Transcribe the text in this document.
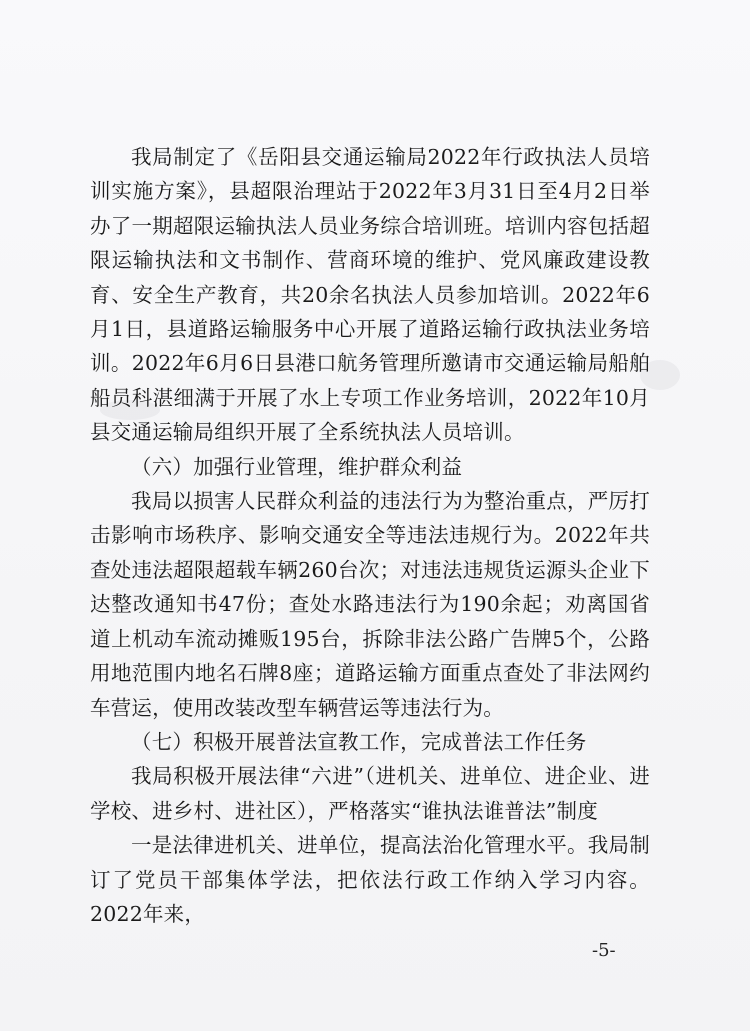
我局制定了《岳阳县交通运输局2022年行政执法人员培训实施方案》，县超限治理站于2022年3月31日至4月2日举办了一期超限运输执法人员业务综合培训班。培训内容包括超限运输执法和文书制作、营商环境的维护、党风廉政建设教育、安全生产教育，共20余名执法人员参加培训。2022年6月1日，县道路运输服务中心开展了道路运输行政执法业务培训。2022年6月6日县港口航务管理所邀请市交通运输局船舶船员科湛细满于开展了水上专项工作业务培训，2022年10月县交通运输局组织开展了全系统执法人员培训。

（六）加强行业管理，维护群众利益

我局以损害人民群众利益的违法行为为整治重点，严厉打击影响市场秩序、影响交通安全等违法违规行为。2022年共查处违法超限超载车辆260台次；对违法违规货运源头企业下达整改通知书47份；查处水路违法行为190余起；劝离国省道上机动车流动摊贩195台，拆除非法公路广告牌5个，公路用地范围内地名石牌8座；道路运输方面重点查处了非法网约车营运，使用改装改型车辆营运等违法行为。

（七）积极开展普法宣教工作，完成普法工作任务

我局积极开展法律“六进”（进机关、进单位、进企业、进学校、进乡村、进社区），严格落实“谁执法谁普法”制度

一是法律进机关、进单位，提高法治化管理水平。我局制订了党员干部集体学法，把依法行政工作纳入学习内容。2022年来，

-5-
